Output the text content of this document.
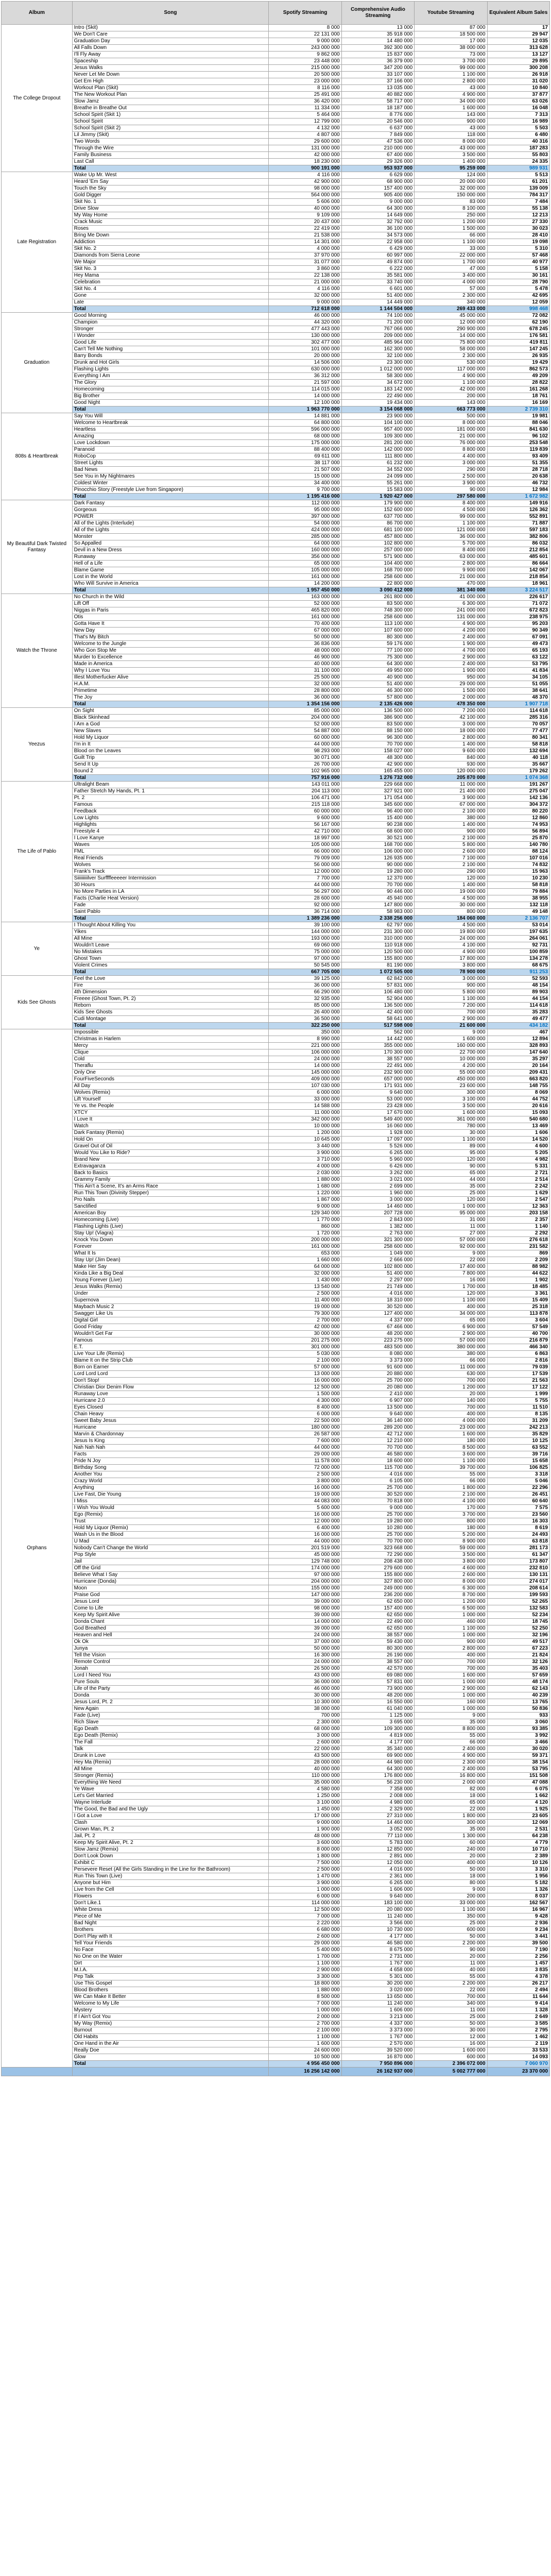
Album	Song	Spotify Streaming	Comprehensive Audio Streaming	Youtube Streaming	Equivalent Album Sales
The College Dropout	Intro (Skit)	8 000	13 000	87 000	17
	We Don't Care	22 131 000	35 918 000	18 500 000	29 947
	Graduation Day	9 000 000	14 480 000	17 000	12 035
	All Falls Down	243 000 000	392 300 000	38 000 000	313 628
	I'll Fly Away	9 862 000	15 837 000	73 000	13 127
	Spaceship	23 448 000	36 379 000	3 700 000	29 895
	Jesus Walks	215 000 000	347 200 000	99 000 000	300 208
	Never Let Me Down	20 500 000	33 107 000	1 100 000	26 918
	Get Em High	23 000 000	37 166 000	2 800 000	31 020
	Workout Plan (Skit)	8 116 000	13 035 000	43 000	10 840
	The New Workout Plan	25 491 000	40 882 000	4 900 000	37 877
	Slow Jamz	36 420 000	58 717 000	34 000 000	63 026
	Breathe in Breathe Out	11 334 000	18 187 000	1 600 000	16 048
	School Spirit (Skit 1)	5 464 000	8 776 000	143 000	7 313
	School Spirit	12 799 000	20 546 000	900 000	16 989
	School Spirit (Skit 2)	4 132 000	6 637 000	43 000	5 503
	Lil Jimmy (Skit)	4 807 000	7 849 000	118 000	6 480
	Two Words	29 600 000	47 536 000	8 000 000	40 316
	Through the Wire	131 000 000	210 000 000	43 000 000	187 283
	Family Business	42 000 000	67 400 000	3 500 000	55 803
	Last Call	18 230 000	29 326 000	1 400 000	24 335
	Total	900 191 000	953 937 000	95 259 000	989 931
Late Registration	Wake Up Mr. West	4 116 000	6 629 000	124 000	5 513
	Heard 'Em Say	42 900 000	68 900 000	20 000 000	61 201
	Touch the Sky	98 000 000	157 400 000	32 000 000	139 009
	Gold Digger	564 000 000	905 400 000	150 000 000	784 317
	Skit No. 1	5 606 000	9 000 000	83 000	7 484
	Drive Slow	40 000 000	64 300 000	8 100 000	55 138
	My Way Home	9 109 000	14 649 000	250 000	12 213
	Crack Music	20 437 000	32 792 000	1 200 000	27 330
	Roses	22 419 000	36 100 000	1 500 000	30 023
	Bring Me Down	21 538 000	34 573 000	66 000	28 410
	Addiction	14 301 000	22 958 000	1 100 000	19 098
	Skit No. 2	4 000 000	6 429 000	33 000	5 310
	Diamonds from Sierra Leone	37 970 000	60 997 000	22 000 000	57 468
	We Major	31 077 000	49 874 000	1 700 000	40 977
	Skit No. 3	3 860 000	6 222 000	47 000	5 158
	Hey Mama	22 138 000	35 581 000	3 400 000	30 161
	Celebration	21 000 000	33 740 000	4 000 000	28 790
	Skit No. 4	4 116 000	6 601 000	57 000	5 478
	Gone	32 000 000	51 400 000	2 300 000	42 695
	Late	9 000 000	14 449 000	340 000	12 059
	Total	712 618 000	1 144 504 000	269 433 000	998 468
Graduation	Good Morning	46 000 000	74 100 000	45 000 000	72 082
	Champion	44 320 000	71 200 000	12 000 000	62 190
	Stronger	477 443 000	767 066 000	290 900 000	678 245
	I Wonder	130 000 000	209 000 000	14 000 000	176 581
	Good Life	302 477 000	485 964 000	75 800 000	419 811
	Can't Tell Me Nothing	101 000 000	162 300 000	58 000 000	147 245
	Barry Bonds	20 000 000	32 100 000	2 300 000	26 935
	Drunk and Hot Girls	14 506 000	23 300 000	530 000	19 429
	Flashing Lights	630 000 000	1 012 000 000	117 000 000	862 573
	Everything I Am	36 312 000	58 300 000	4 900 000	49 209
	The Glory	21 597 000	34 672 000	1 100 000	28 822
	Homecoming	114 015 000	183 142 000	42 000 000	161 268
	Big Brother	14 000 000	22 490 000	200 000	18 761
	Good Night	12 100 000	19 434 000	143 000	16 169
	Total	1 963 770 000	3 154 068 000	663 773 000	2 739 310
808s & Heartbreak	Say You Will	14 881 000	23 900 000	500 000	19 981
	Welcome to Heartbreak	64 800 000	104 100 000	8 000 000	88 046
	Heartless	596 000 000	957 400 000	181 000 000	841 630
	Amazing	68 000 000	109 300 000	21 000 000	96 102
	Love Lockdown	175 000 000	281 200 000	76 000 000	253 548
	Paranoid	88 400 000	142 000 000	8 800 000	119 839
	RoboCop	69 611 000	111 800 000	4 400 000	93 409
	Street Lights	38 117 000	61 232 000	3 000 000	51 355
	Bad News	21 507 000	34 552 000	290 000	28 718
	See You in My Nightmares	15 000 000	24 099 000	2 500 000	20 638
	Coldest Winter	34 400 000	55 261 000	3 900 000	46 732
	Pinocchio Story (Freestyle Live from Singapore)	9 700 000	15 583 000	90 000	12 984
	Total	1 195 416 000	1 920 427 000	297 580 000	1 672 982
My Beautiful Dark Twisted Fantasy	Dark Fantasy	112 000 000	179 900 000	8 400 000	149 916
	Gorgeous	95 000 000	152 600 000	4 500 000	126 362
	POWER	397 000 000	637 700 000	99 000 000	552 891
	All of the Lights (Interlude)	54 000 000	86 700 000	1 100 000	71 887
	All of the Lights	424 000 000	681 100 000	121 000 000	597 183
	Monster	285 000 000	457 800 000	36 000 000	382 806
	So Appalled	64 000 000	102 800 000	5 700 000	86 032
	Devil in a New Dress	160 000 000	257 000 000	8 400 000	212 854
	Runaway	356 000 000	571 900 000	63 000 000	485 601
	Hell of a Life	65 000 000	104 400 000	2 800 000	86 664
	Blame Game	105 000 000	168 700 000	9 900 000	142 067
	Lost in the World	161 000 000	258 600 000	21 000 000	218 854
	Who Will Survive in America	14 200 000	22 800 000	470 000	18 961
	Total	1 957 450 000	3 090 412 000	381 340 000	3 224 517
Watch the Throne	No Church in the Wild	163 000 000	261 800 000	41 000 000	226 617
	Lift Off	52 000 000	83 500 000	6 300 000	71 072
	Niggas in Paris	465 820 000	748 300 000	241 000 000	672 823
	Otis	161 000 000	258 600 000	131 000 000	238 975
	Gotta Have It	70 400 000	113 100 000	4 900 000	95 203
	New Day	67 000 000	107 600 000	4 200 000	90 349
	That's My Bitch	50 000 000	80 300 000	2 400 000	67 091
	Welcome to the Jungle	36 836 000	59 176 000	1 900 000	49 473
	Who Gon Stop Me	48 000 000	77 100 000	4 700 000	65 193
	Murder to Excellence	46 900 000	75 300 000	2 900 000	63 122
	Made in America	40 000 000	64 300 000	2 400 000	53 795
	Why I Love You	31 100 000	49 950 000	1 900 000	41 834
	Illest Motherfucker Alive	25 500 000	40 900 000	950 000	34 105
	H.A.M.	32 000 000	51 400 000	29 000 000	51 055
	Primetime	28 800 000	46 300 000	1 500 000	38 641
	The Joy	36 000 000	57 800 000	2 000 000	48 370
	Total	1 354 156 000	2 135 426 000	478 350 000	1 907 718
Yeezus	On Sight	85 000 000	136 500 000	7 200 000	114 618
	Black Skinhead	204 000 000	386 900 000	42 100 000	285 316
	I Am a God	52 000 000	83 500 000	3 000 000	70 057
	New Slaves	54 887 000	88 150 000	18 000 000	77 477
	Hold My Liquor	60 000 000	96 300 000	2 800 000	80 341
	I'm in It	44 000 000	70 700 000	1 400 000	58 818
	Blood on the Leaves	98 293 000	158 027 000	9 600 000	132 694
	Guilt Trip	30 071 000	48 300 000	840 000	40 118
	Send It Up	26 700 000	42 900 000	930 000	35 667
	Bound 2	102 965 000	165 455 000	120 000 000	179 262
	Total	757 916 000	1 276 732 000	205 870 000	1 074 368
The Life of Pablo	Ultralight Beam	143 011 000	229 668 000	11 000 000	191 267
	Father Stretch My Hands, Pt. 1	204 113 000	327 921 000	21 400 000	275 047
	Pt. 2	106 471 000	171 054 000	3 900 000	142 136
	Famous	215 118 000	345 600 000	67 000 000	304 372
	Feedback	60 000 000	96 400 000	2 100 000	80 220
	Low Lights	9 600 000	15 400 000	380 000	12 860
	Highlights	56 167 000	90 238 000	1 400 000	74 953
	Freestyle 4	42 710 000	68 600 000	900 000	56 894
	I Love Kanye	18 997 000	30 521 000	2 100 000	25 870
	Waves	105 000 000	168 700 000	5 800 000	140 780
	FML	66 000 000	106 000 000	2 600 000	88 124
	Real Friends	79 009 000	126 935 000	7 100 000	107 016
	Wolves	56 000 000	90 000 000	2 100 000	74 832
	Frank's Track	12 000 000	19 280 000	290 000	15 963
	Siiiiiiiiilver Surffffeeeeer Intermission	7 700 000	12 370 000	120 000	10 230
	30 Hours	44 000 000	70 700 000	1 400 000	58 818
	No More Parties in LA	56 297 000	90 446 000	19 000 000	79 884
	Facts (Charlie Heat Version)	28 600 000	45 940 000	4 500 000	38 955
	Fade	92 000 000	147 800 000	30 000 000	132 118
	Saint Pablo	36 714 000	58 983 000	800 000	49 148
	Total	1 389 236 000	2 338 256 000	184 060 000	2 136 707
Ye	I Thought About Killing You	39 100 000	62 797 000	4 500 000	53 014
	Yikes	144 000 000	231 300 000	19 800 000	197 635
	All Mine	193 000 000	310 000 000	24 000 000	264 061
	Wouldn't Leave	69 060 000	110 918 000	4 100 000	92 731
	No Mistakes	75 000 000	120 500 000	4 900 000	100 859
	Ghost Town	97 000 000	155 800 000	17 800 000	134 278
	Violent Crimes	50 545 000	81 190 000	3 800 000	68 675
	Total	667 705 000	1 072 505 000	78 900 000	911 253
Kids See Ghosts	Feel the Love	39 125 000	62 842 000	3 000 000	52 593
	Fire	36 000 000	57 831 000	900 000	48 154
	4th Dimension	66 290 000	106 480 000	5 800 000	89 903
	Freeee (Ghost Town, Pt. 2)	32 935 000	52 904 000	1 100 000	44 154
	Reborn	85 000 000	136 500 000	7 200 000	114 618
	Kids See Ghosts	26 400 000	42 400 000	700 000	35 283
	Cudi Montage	36 500 000	58 641 000	2 900 000	49 477
	Total	322 250 000	517 598 000	21 600 000	434 182
Orphans	Impossible	350 000	562 000	9 000	467
	Christmas in Harlem	8 990 000	14 442 000	1 600 000	12 894
	Mercy	221 000 000	355 000 000	160 000 000	328 893
	Clique	106 000 000	170 300 000	22 700 000	147 640
	Cold	24 000 000	38 557 000	10 000 000	35 297
	Theraflu	14 000 000	22 491 000	4 200 000	20 164
	Only One	145 000 000	232 900 000	55 000 000	209 431
	FourFiveSeconds	409 000 000	657 000 000	450 000 000	663 820
	All Day	107 030 000	171 931 000	23 600 000	148 755
	Wolves (Remix)	6 000 000	9 640 000	300 000	8 069
	Lift Yourself	33 000 000	53 000 000	3 100 000	44 752
	Ye vs. the People	14 588 000	23 428 000	3 500 000	20 616
	XTCY	11 000 000	17 670 000	1 600 000	15 093
	I Love It	342 000 000	549 400 000	361 000 000	540 680
	Watch	10 000 000	16 060 000	780 000	13 469
	Dark Fantasy (Remix)	1 200 000	1 928 000	30 000	1 606
	Hold On	10 645 000	17 097 000	1 100 000	14 520
	Gravel Out of Oil	3 440 000	5 526 000	89 000	4 600
	Would You Like to Ride?	3 900 000	6 265 000	95 000	5 205
	Brand New	3 710 000	5 960 000	120 000	4 982
	Extravaganza	4 000 000	6 426 000	90 000	5 331
	Back to Basics	2 030 000	3 262 000	65 000	2 721
	Grammy Family	1 880 000	3 021 000	44 000	2 514
	This Ain't a Scene, It's an Arms Race	1 680 000	2 699 000	35 000	2 242
	Run This Town (Divinity Stepper)	1 220 000	1 960 000	25 000	1 629
	Pro Nails	1 867 000	3 000 000	120 000	2 547
	Sanctified	9 000 000	14 460 000	1 000 000	12 363
	American Boy	129 340 000	207 728 000	95 000 000	203 158
	Homecoming (Live)	1 770 000	2 843 000	31 000	2 357
	Flashing Lights (Live)	860 000	1 382 000	11 000	1 140
	Stay Up! (Viagra)	1 720 000	2 763 000	27 000	2 292
	Knock You Down	200 000 000	321 300 000	57 000 000	276 618
	Forever	161 000 000	258 600 000	92 000 000	231 582
	What It Is	653 000	1 049 000	9 000	869
	Stay Up! (Jim Dean)	1 660 000	2 666 000	22 000	2 209
	Make Her Say	64 000 000	102 800 000	17 400 000	88 982
	Kinda Like a Big Deal	32 000 000	51 400 000	7 800 000	44 622
	Young Forever (Live)	1 430 000	2 297 000	16 000	1 902
	Jesus Walks (Remix)	13 540 000	21 749 000	1 700 000	18 485
	Under	2 500 000	4 016 000	120 000	3 361
	Supernova	11 400 000	18 310 000	1 100 000	15 409
	Maybach Music 2	19 000 000	30 520 000	400 000	25 318
	Swagger Like Us	79 300 000	127 400 000	34 000 000	113 878
	Digital Girl	2 700 000	4 337 000	65 000	3 604
	Good Friday	42 000 000	67 466 000	6 900 000	57 549
	Wouldn't Get Far	30 000 000	48 200 000	2 900 000	40 700
	Famous	201 275 000	223 275 000	57 000 000	216 879
	E.T.	301 000 000	483 500 000	380 000 000	466 340
	Live Your Life (Remix)	5 030 000	8 080 000	380 000	6 863
	Blame It on the Strip Club	2 100 000	3 373 000	66 000	2 816
	Born on Earner	57 000 000	91 600 000	11 000 000	79 039
	Lord Lord Lord	13 000 000	20 880 000	630 000	17 539
	Don't Stop!	16 000 000	25 700 000	700 000	21 563
	Christian Dior Denim Flow	12 500 000	20 080 000	1 200 000	17 122
	Runaway Love	1 500 000	2 410 000	20 000	1 999
	Hurricane 2.0	4 300 000	6 907 000	140 000	5 755
	Eyes Closed	8 400 000	13 500 000	700 000	11 510
	Chain Heavy	6 000 000	9 640 000	400 000	8 135
	Sweet Baby Jesus	22 500 000	36 140 000	4 000 000	31 209
	Hurricane	180 000 000	289 200 000	23 000 000	242 213
	Marvin & Chardonnay	26 587 000	42 712 000	1 600 000	35 829
	Jesus Is King	7 600 000	12 210 000	180 000	10 125
	Nah Nah Nah	44 000 000	70 700 000	8 500 000	63 552
	Facts	29 000 000	46 580 000	3 600 000	39 716
	Pride N Joy	11 578 000	18 600 000	1 100 000	15 658
	Birthday Song	72 000 000	115 700 000	39 700 000	106 825
	Another You	2 500 000	4 016 000	55 000	3 318
	Crazy World	3 800 000	6 105 000	66 000	5 046
	Anything	16 000 000	25 700 000	1 800 000	22 296
	Live Fast, Die Young	19 000 000	30 520 000	2 100 000	26 451
	I Miss	44 083 000	70 818 000	4 100 000	60 640
	I Wish You Would	5 600 000	9 000 000	170 000	7 575
	Ego (Remix)	16 000 000	25 700 000	3 700 000	23 560
	Trust	12 000 000	19 280 000	800 000	16 303
	Hold My Liquor (Remix)	6 400 000	10 280 000	180 000	8 619
	Wash Us in the Blood	16 000 000	25 700 000	5 200 000	24 493
	U Mad	44 000 000	70 700 000	8 900 000	63 818
	Nobody Can't Change the World	201 519 000	323 668 000	59 000 000	281 173
	Pop Style	45 000 000	72 290 000	3 500 000	61 347
	Jail	129 748 000	208 438 000	3 800 000	173 807
	Off the Grid	174 000 000	279 600 000	4 600 000	232 810
	Believe What I Say	97 000 000	155 800 000	2 600 000	130 131
	Hurricane (Donda)	204 000 000	327 800 000	8 000 000	274 017
	Moon	155 000 000	249 000 000	6 300 000	208 614
	Praise God	147 000 000	236 200 000	8 700 000	199 593
	Jesus Lord	39 000 000	62 650 000	1 200 000	52 265
	Come to Life	98 000 000	157 400 000	6 500 000	132 583
	Keep My Spirit Alive	39 000 000	62 650 000	1 000 000	52 234
	Donda Chant	14 000 000	22 490 000	460 000	18 745
	God Breathed	39 000 000	62 650 000	1 100 000	52 250
	Heaven and Hell	24 000 000	38 557 000	1 000 000	32 196
	Ok Ok	37 000 000	59 430 000	900 000	49 517
	Junya	50 000 000	80 300 000	2 800 000	67 223
	Tell the Vision	16 300 000	26 190 000	400 000	21 824
	Remote Control	24 000 000	38 557 000	700 000	32 126
	Jonah	26 500 000	42 570 000	700 000	35 403
	Lord I Need You	43 000 000	69 080 000	1 600 000	57 659
	Pure Souls	36 000 000	57 831 000	1 000 000	48 174
	Life of the Party	46 000 000	73 900 000	2 900 000	62 143
	Donda	30 000 000	48 200 000	1 000 000	40 239
	Jesus Lord, Pt. 2	10 300 000	16 550 000	160 000	13 765
	New Again	38 000 000	61 040 000	1 000 000	50 836
	Fade (Live)	700 000	1 125 000	9 000	933
	Rich Slave	2 300 000	3 695 000	35 000	3 060
	Ego Death	68 000 000	109 300 000	8 800 000	93 385
	Ego Death (Remix)	3 000 000	4 819 000	55 000	3 992
	The Fall	2 600 000	4 177 000	66 000	3 466
	Talk	22 000 000	35 340 000	2 400 000	30 020
	Drunk in Love	43 500 000	69 900 000	4 900 000	59 371
	Hey Ma (Remix)	28 000 000	44 980 000	2 300 000	38 154
	All Mine	40 000 000	64 300 000	2 400 000	53 795
	Stronger (Remix)	110 000 000	176 800 000	16 800 000	151 508
	Everything We Need	35 000 000	56 230 000	2 000 000	47 088
	Ye Wave	4 580 000	7 358 000	82 000	6 075
	Let's Get Married	1 250 000	2 008 000	18 000	1 662
	Wayne Interlude	3 100 000	4 980 000	65 000	4 120
	The Good, the Bad and the Ugly	1 450 000	2 329 000	22 000	1 925
	I Got a Love	17 000 000	27 310 000	1 800 000	23 605
	Clash	9 000 000	14 460 000	300 000	12 069
	Grown Man, Pt. 2	1 900 000	3 052 000	35 000	2 531
	Jail, Pt. 2	48 000 000	77 110 000	1 300 000	64 238
	Keep My Spirit Alive, Pt. 2	3 600 000	5 783 000	60 000	4 779
	Slow Jamz (Remix)	8 000 000	12 850 000	240 000	10 710
	Don't Look Down	1 800 000	2 891 000	20 000	2 389
	Exhibit C	7 500 000	12 050 000	400 000	10 126
	Persevere Reset (All the Girls Standing in the Line for the Bathroom)	2 500 000	4 016 000	50 000	3 310
	Run This Town (Live)	1 470 000	2 361 000	18 000	1 956
	Anyone but Him	3 900 000	6 265 000	80 000	5 182
	Live from the Cell	1 000 000	1 606 000	9 000	1 326
	Flowers	6 000 000	9 640 000	200 000	8 037
	Don't Like.1	114 000 000	183 100 000	33 000 000	162 567
	White Dress	12 500 000	20 080 000	1 100 000	16 967
	Piece of Me	7 000 000	11 240 000	350 000	9 428
	Bad Night	2 220 000	3 566 000	25 000	2 936
	Brothers	6 680 000	10 730 000	600 000	9 234
	Don't Play with It	2 600 000	4 177 000	50 000	3 441
	Tell Your Friends	29 000 000	46 580 000	2 200 000	39 500
	No Face	5 400 000	8 675 000	90 000	7 190
	No One on the Water	1 700 000	2 731 000	20 000	2 256
	Dirt	1 100 000	1 767 000	11 000	1 457
	M.I.A.	2 900 000	4 658 000	40 000	3 835
	Pep Talk	3 300 000	5 301 000	55 000	4 378
	Use This Gospel	18 800 000	30 200 000	2 200 000	26 217
	Blood Brothers	1 880 000	3 020 000	22 000	2 494
	We Can Make It Better	8 500 000	13 650 000	700 000	11 644
	Welcome to My Life	7 000 000	11 240 000	340 000	9 414
	Mystery	1 000 000	1 606 000	11 000	1 328
	If I Ain't Got You	2 000 000	3 213 000	25 000	2 649
	My Way (Remix)	2 700 000	4 337 000	50 000	3 585
	Burnout	2 100 000	3 373 000	30 000	2 795
	Old Habits	1 100 000	1 767 000	12 000	1 462
	One Hand in the Air	1 600 000	2 570 000	16 000	2 119
	Really Doe	24 600 000	39 520 000	1 600 000	33 533
	Glow	10 500 000	16 870 000	600 000	14 093
	Total	4 956 450 000	7 950 896 000	2 396 072 000	7 060 970
		16 256 142 000	26 162 937 000	5 002 777 000	23 370 000
